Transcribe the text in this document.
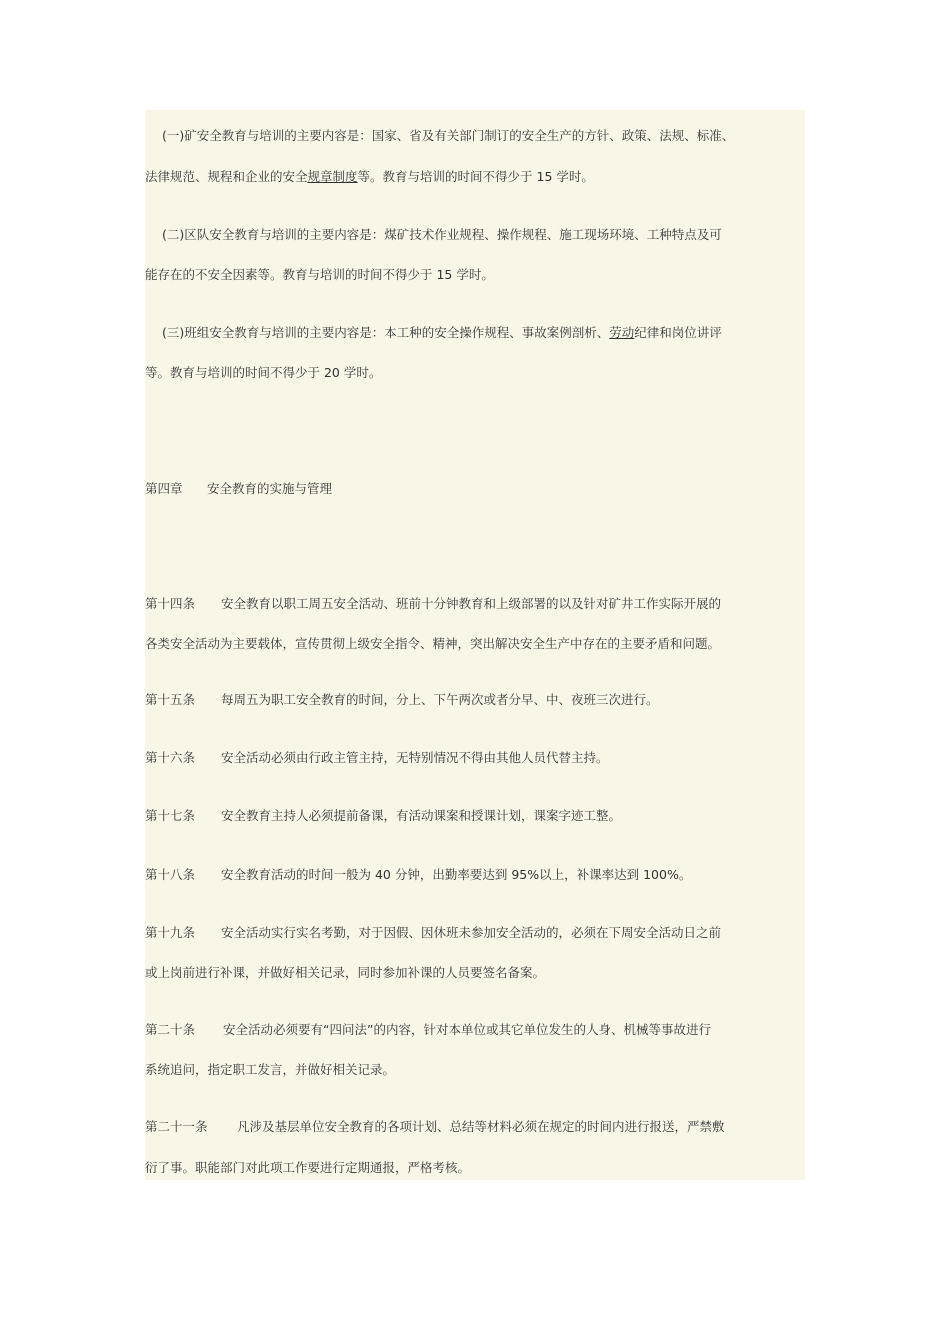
(一)矿安全教育与培训的主要内容是：国家、省及有关部门制订的安全生产的方针、政策、法规、标准、
法律规范、规程和企业的安全规章制度等。教育与培训的时间不得少于 15 学时。
(二)区队安全教育与培训的主要内容是：煤矿技术作业规程、操作规程、施工现场环境、工种特点及可
能存在的不安全因素等。教育与培训的时间不得少于 15 学时。
(三)班组安全教育与培训的主要内容是：本工种的安全操作规程、事故案例剖析、劳动纪律和岗位讲评
等。教育与培训的时间不得少于 20 学时。
第四章 安全教育的实施与管理
第十四条 安全教育以职工周五安全活动、班前十分钟教育和上级部署的以及针对矿井工作实际开展的
各类安全活动为主要载体，宣传贯彻上级安全指令、精神，突出解决安全生产中存在的主要矛盾和问题。
第十五条 每周五为职工安全教育的时间，分上、下午两次或者分早、中、夜班三次进行。
第十六条 安全活动必须由行政主管主持，无特别情况不得由其他人员代替主持。
第十七条 安全教育主持人必须提前备课，有活动课案和授课计划，课案字迹工整。
第十八条 安全教育活动的时间一般为 40 分钟，出勤率要达到 95%以上，补课率达到 100%。
第十九条 安全活动实行实名考勤，对于因假、因休班未参加安全活动的，必须在下周安全活动日之前
或上岗前进行补课，并做好相关记录，同时参加补课的人员要签名备案。
第二十条 安全活动必须要有“四问法”的内容，针对本单位或其它单位发生的人身、机械等事故进行
系统追问，指定职工发言，并做好相关记录。
第二十一条 凡涉及基层单位安全教育的各项计划、总结等材料必须在规定的时间内进行报送，严禁敷
衍了事。职能部门对此项工作要进行定期通报，严格考核。
